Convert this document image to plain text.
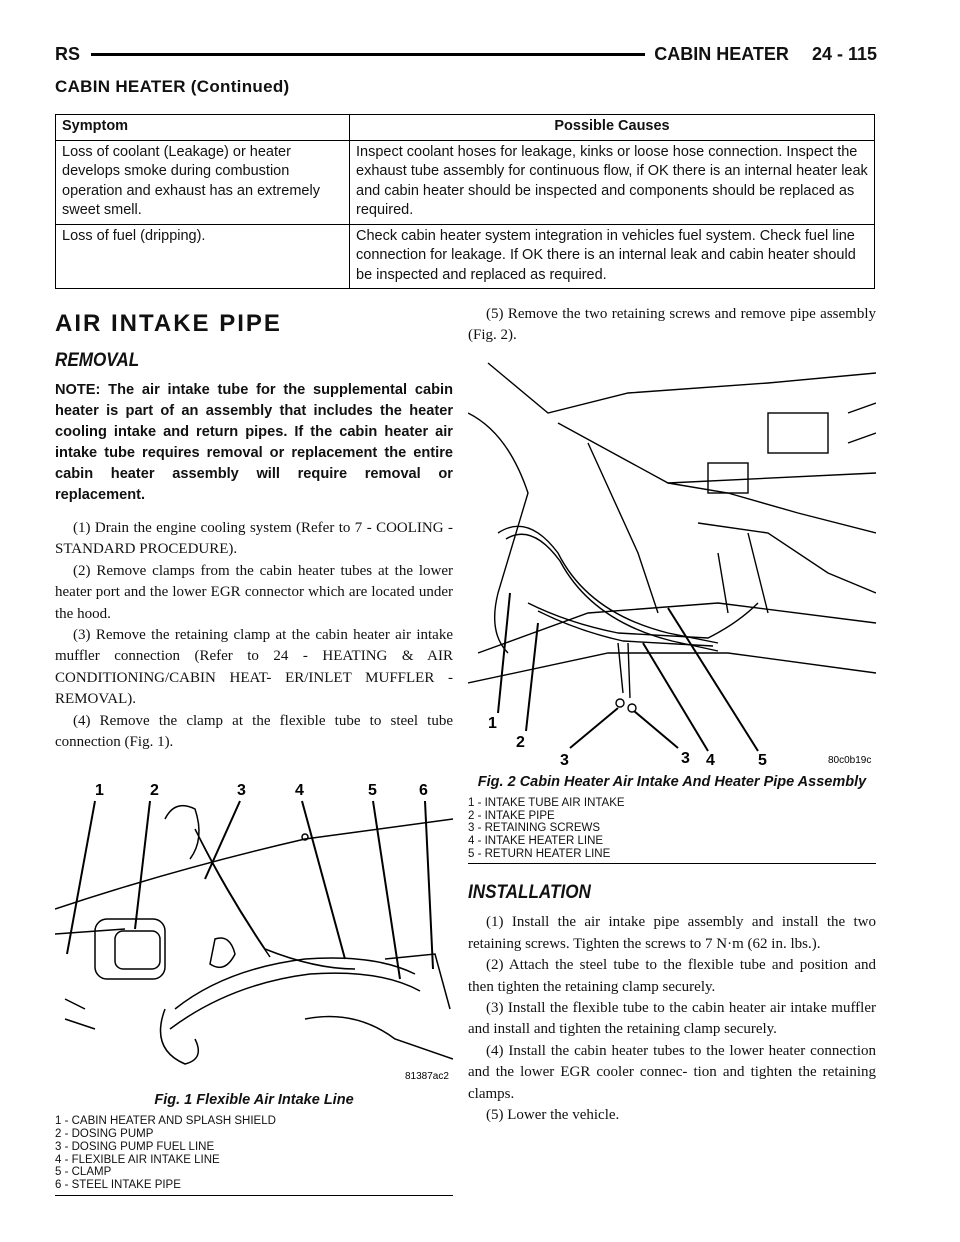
RS	CABIN HEATER 24 - 115
CABIN HEATER (Continued)
Symptom	Possible Causes
Loss of coolant (Leakage) or heater develops smoke during combustion operation and exhaust has an extremely sweet smell.	Inspect coolant hoses for leakage, kinks or loose hose connection. Inspect the exhaust tube assembly for continuous flow, if OK there is an internal heater leak and cabin heater should be inspected and components should be replaced as required.
Loss of fuel (dripping).	Check cabin heater system integration in vehicles fuel system. Check fuel line connection for leakage. If OK there is an internal leak and cabin heater should be inspected and replaced as required.
AIR INTAKE PIPE
REMOVAL

NOTE: The air intake tube for the supplemental cabin heater is part of an assembly that includes the heater cooling intake and return pipes. If the cabin heater air intake tube requires removal or replacement the entire cabin heater assembly will require removal or replacement.

(1) Drain the engine cooling system (Refer to 7 - COOLING - STANDARD PROCEDURE).

(2) Remove clamps from the cabin heater tubes at the lower heater port and the lower EGR connector which are located under the hood.

(3) Remove the retaining clamp at the cabin heater air intake muffler connection (Refer to 24 - HEATING & AIR CONDITIONING/CABIN HEAT- ER/INLET MUFFLER - REMOVAL).

(4) Remove the clamp at the flexible tube to steel tube connection (Fig. 1).

1	2	3	4	5	6
81387ac2
Fig. 1 Flexible Air Intake Line
1 - CABIN HEATER AND SPLASH SHIELD
2 - DOSING PUMP
3 - DOSING PUMP FUEL LINE
4 - FLEXIBLE AIR INTAKE LINE
5 - CLAMP
6 - STEEL INTAKE PIPE

(5) Remove the two retaining screws and remove pipe assembly (Fig. 2).

1
2
3	3 4	5	80c0b19c
Fig. 2 Cabin Heater Air Intake And Heater Pipe Assembly
1 - INTAKE TUBE AIR INTAKE
2 - INTAKE PIPE
3 - RETAINING SCREWS
4 - INTAKE HEATER LINE
5 - RETURN HEATER LINE
INSTALLATION

(1) Install the air intake pipe assembly and install the two retaining screws. Tighten the screws to 7 N·m (62 in. lbs.).

(2) Attach the steel tube to the flexible tube and position and then tighten the retaining clamp securely.

(3) Install the flexible tube to the cabin heater air intake muffler and install and tighten the retaining clamp securely.

(4) Install the cabin heater tubes to the lower heater connection and the lower EGR cooler connec- tion and tighten the retaining clamps.

(5) Lower the vehicle.
